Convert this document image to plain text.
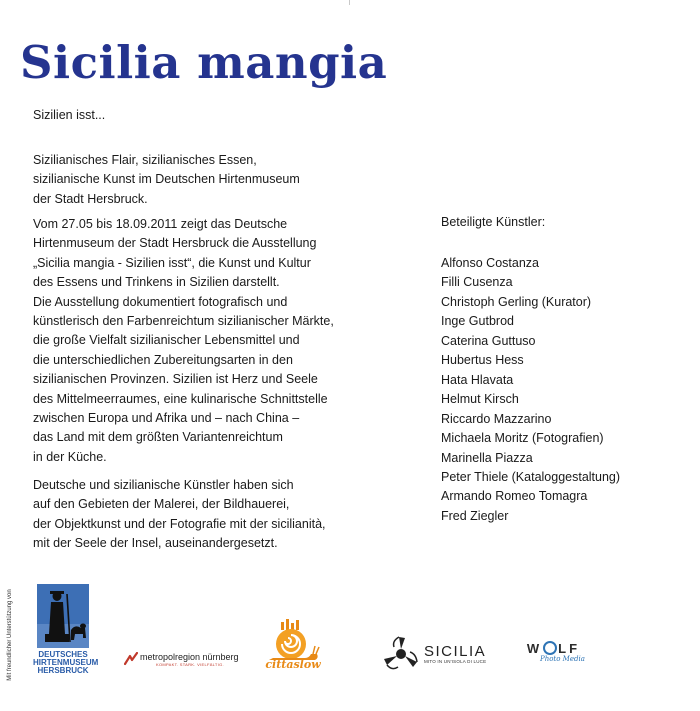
Sicilia mangia
Sizilien isst...
Sizilianisches Flair, sizilianisches Essen,
sizilianische Kunst im Deutschen Hirtenmuseum
der Stadt Hersbruck.
Vom 27.05 bis 18.09.2011 zeigt das Deutsche
Hirtenmuseum der Stadt Hersbruck die Ausstellung
„Sicilia mangia - Sizilien isst“, die Kunst und Kultur
des Essens und Trinkens in Sizilien darstellt.
Die Ausstellung dokumentiert fotografisch und
künstlerisch den Farbenreichtum sizilianischer Märkte,
die große Vielfalt sizilianischer Lebensmittel und
die unterschiedlichen Zubereitungsarten in den
sizilianischen Provinzen. Sizilien ist Herz und Seele
des Mittelmeerraumes, eine kulinarische Schnittstelle
zwischen Europa und Afrika und – nach China –
das Land mit dem größten Variantenreichtum
in der Küche.
Deutsche und sizilianische Künstler haben sich
auf den Gebieten der Malerei, der Bildhauerei,
der Objektkunst und der Fotografie mit der sicilianità,
mit der Seele der Insel, auseinandergesetzt.
Beteiligte Künstler:
Alfonso Costanza
Filli Cusenza
Christoph Gerling (Kurator)
Inge Gutbrod
Caterina Guttuso
Hubertus Hess
Hata Hlavata
Helmut Kirsch
Riccardo Mazzarino
Michaela Moritz (Fotografien)
Marinella Piazza
Peter Thiele (Kataloggestaltung)
Armando Romeo Tomagra
Fred Ziegler
Mit freundlicher Unterstützung von	DEUTSCHES
HIRTENMUSEUM
HERSBRUCK
metropolregion nürnberg
KOMPAKT. STARK. VIELFÄLTIG.	cittaslow
SICILIA
MITO IN UN'ISOLA DI LUCE
W LF
Photo Media
